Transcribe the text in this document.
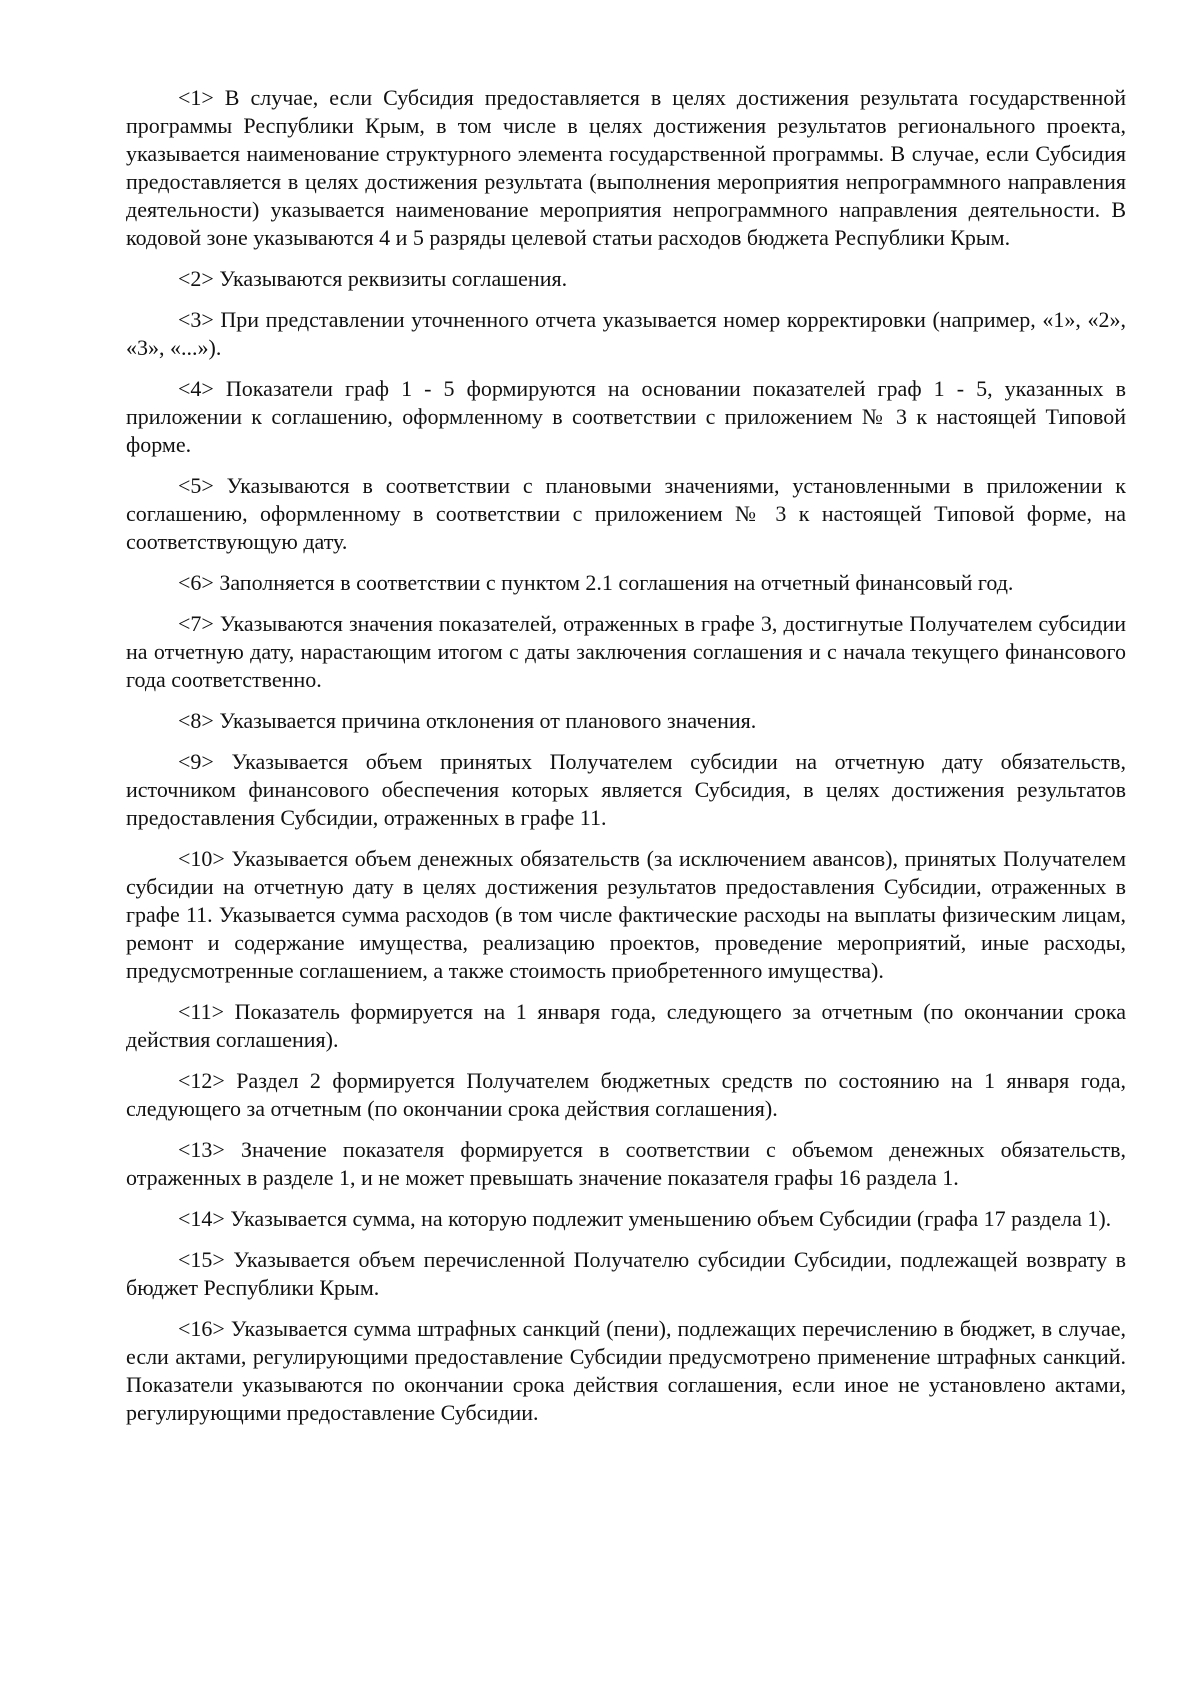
<1> В случае, если Субсидия предоставляется в целях достижения результата государственной программы Республики Крым, в том числе в целях достижения результатов регионального проекта, указывается наименование структурного элемента государственной программы. В случае, если Субсидия предоставляется в целях достижения результата (выполнения мероприятия непрограммного направления деятельности) указывается наименование мероприятия непрограммного направления деятельности. В кодовой зоне указываются 4 и 5 разряды целевой статьи расходов бюджета Республики Крым.

<2> Указываются реквизиты соглашения.

<3> При представлении уточненного отчета указывается номер корректировки (например, «1», «2», «3», «...»).

<4> Показатели граф 1 - 5 формируются на основании показателей граф 1 - 5, указанных в приложении к соглашению, оформленному в соответствии с приложением № 3 к настоящей Типовой форме.

<5> Указываются в соответствии с плановыми значениями, установленными в приложении к соглашению, оформленному в соответствии с приложением № 3 к настоящей Типовой форме, на соответствующую дату.

<6> Заполняется в соответствии с пунктом 2.1 соглашения на отчетный финансовый год.

<7> Указываются значения показателей, отраженных в графе 3, достигнутые Получателем субсидии на отчетную дату, нарастающим итогом с даты заключения соглашения и с начала текущего финансового года соответственно.

<8> Указывается причина отклонения от планового значения.

<9> Указывается объем принятых Получателем субсидии на отчетную дату обязательств, источником финансового обеспечения которых является Субсидия, в целях достижения результатов предоставления Субсидии, отраженных в графе 11.

<10> Указывается объем денежных обязательств (за исключением авансов), принятых Получателем субсидии на отчетную дату в целях достижения результатов предоставления Субсидии, отраженных в графе 11. Указывается сумма расходов (в том числе фактические расходы на выплаты физическим лицам, ремонт и содержание имущества, реализацию проектов, проведение мероприятий, иные расходы, предусмотренные соглашением, а также стоимость приобретенного имущества).

<11> Показатель формируется на 1 января года, следующего за отчетным (по окончании срока действия соглашения).

<12> Раздел 2 формируется Получателем бюджетных средств по состоянию на 1 января года, следующего за отчетным (по окончании срока действия соглашения).

<13> Значение показателя формируется в соответствии с объемом денежных обязательств, отраженных в разделе 1, и не может превышать значение показателя графы 16 раздела 1.

<14> Указывается сумма, на которую подлежит уменьшению объем Субсидии (графа 17 раздела 1).

<15> Указывается объем перечисленной Получателю субсидии Субсидии, подлежащей возврату в бюджет Республики Крым.

<16> Указывается сумма штрафных санкций (пени), подлежащих перечислению в бюджет, в случае, если актами, регулирующими предоставление Субсидии предусмотрено применение штрафных санкций. Показатели указываются по окончании срока действия соглашения, если иное не установлено актами, регулирующими предоставление Субсидии.
